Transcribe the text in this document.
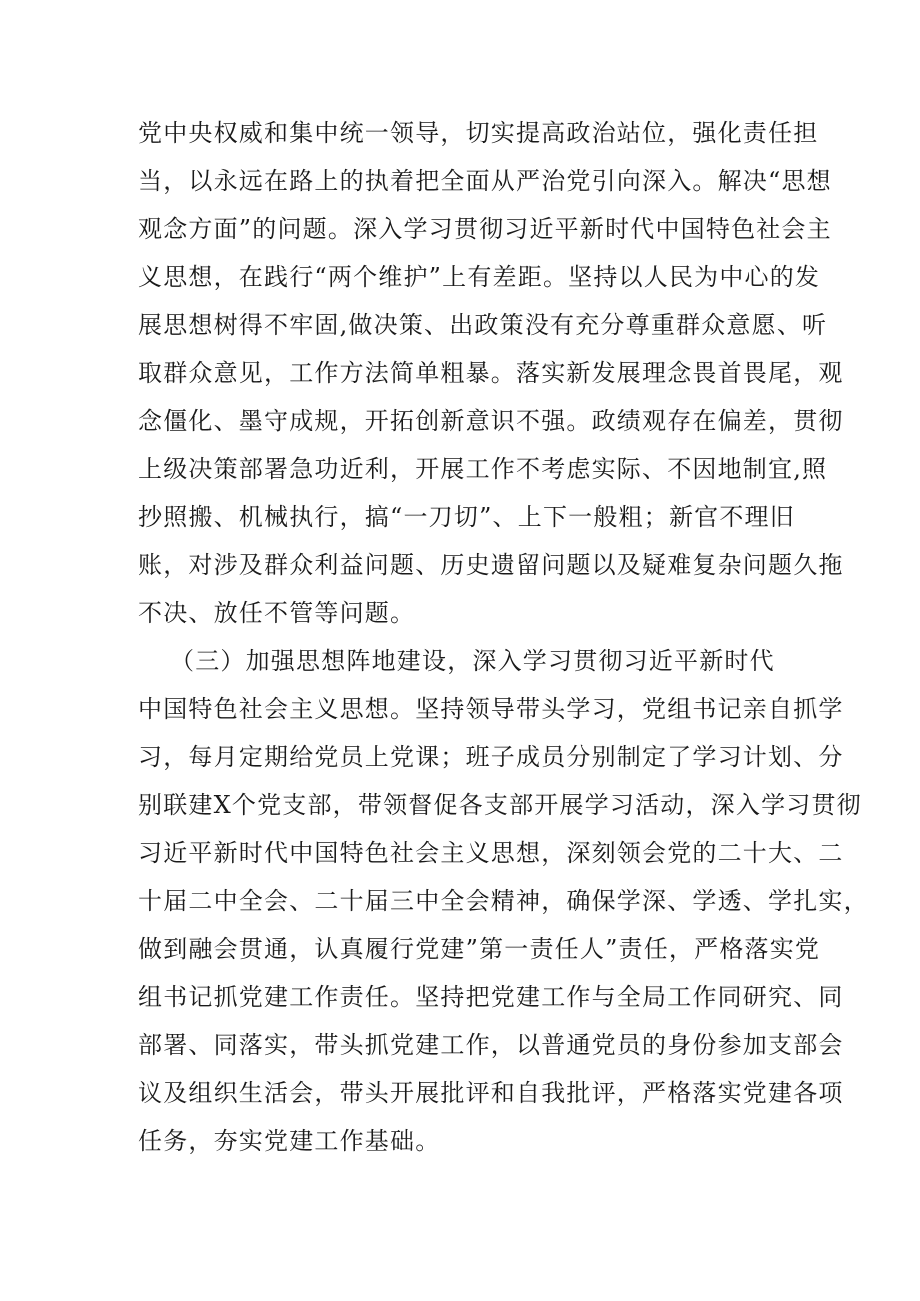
党中央权威和集中统一领导，切实提高政治站位，强化责任担
当，以永远在路上的执着把全面从严治党引向深入。解决“思想
观念方面”的问题。深入学习贯彻习近平新时代中国特色社会主
义思想，在践行“两个维护”上有差距。坚持以人民为中心的发
展思想树得不牢固,做决策、出政策没有充分尊重群众意愿、听
取群众意见，工作方法简单粗暴。落实新发展理念畏首畏尾，观
念僵化、墨守成规，开拓创新意识不强。政绩观存在偏差，贯彻
上级决策部署急功近利，开展工作不考虑实际、不因地制宜,照
抄照搬、机械执行，搞“一刀切”、上下一般粗；新官不理旧
账，对涉及群众利益问题、历史遗留问题以及疑难复杂问题久拖
不决、放任不管等问题。
（三）加强思想阵地建设，深入学习贯彻习近平新时代
中国特色社会主义思想。坚持领导带头学习，党组书记亲自抓学
习，每月定期给党员上党课；班子成员分别制定了学习计划、分
别联建X个党支部，带领督促各支部开展学习活动，深入学习贯彻
习近平新时代中国特色社会主义思想，深刻领会党的二十大、二
十届二中全会、二十届三中全会精神，确保学深、学透、学扎实，
做到融会贯通，认真履行党建”第一责任人”责任，严格落实党
组书记抓党建工作责任。坚持把党建工作与全局工作同研究、同
部署、同落实，带头抓党建工作，以普通党员的身份参加支部会
议及组织生活会，带头开展批评和自我批评，严格落实党建各项
任务，夯实党建工作基础。
